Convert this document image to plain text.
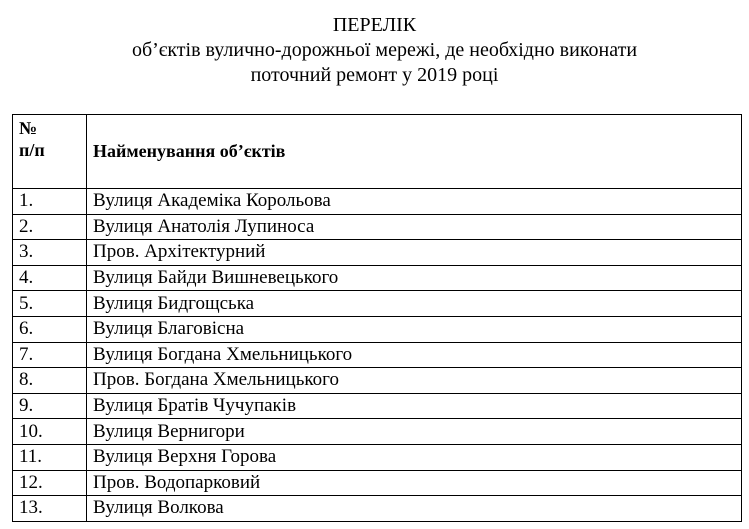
ПЕРЕЛІК
об’єктів вулично-дорожньої мережі, де необхідно виконати
поточний ремонт у 2019 році
№
п/п	Найменування об’єктів
1.	Вулиця Академіка Корольова
2.	Вулиця Анатолія Лупиноса
3.	Пров. Архітектурний
4.	Вулиця Байди Вишневецького
5.	Вулиця Бидгощська
6.	Вулиця Благовісна
7.	Вулиця Богдана Хмельницького
8.	Пров. Богдана Хмельницького
9.	Вулиця Братів Чучупаків
10.	Вулиця Вернигори
11.	Вулиця Верхня Горова
12.	Пров. Водопарковий
13.	Вулиця Волкова
